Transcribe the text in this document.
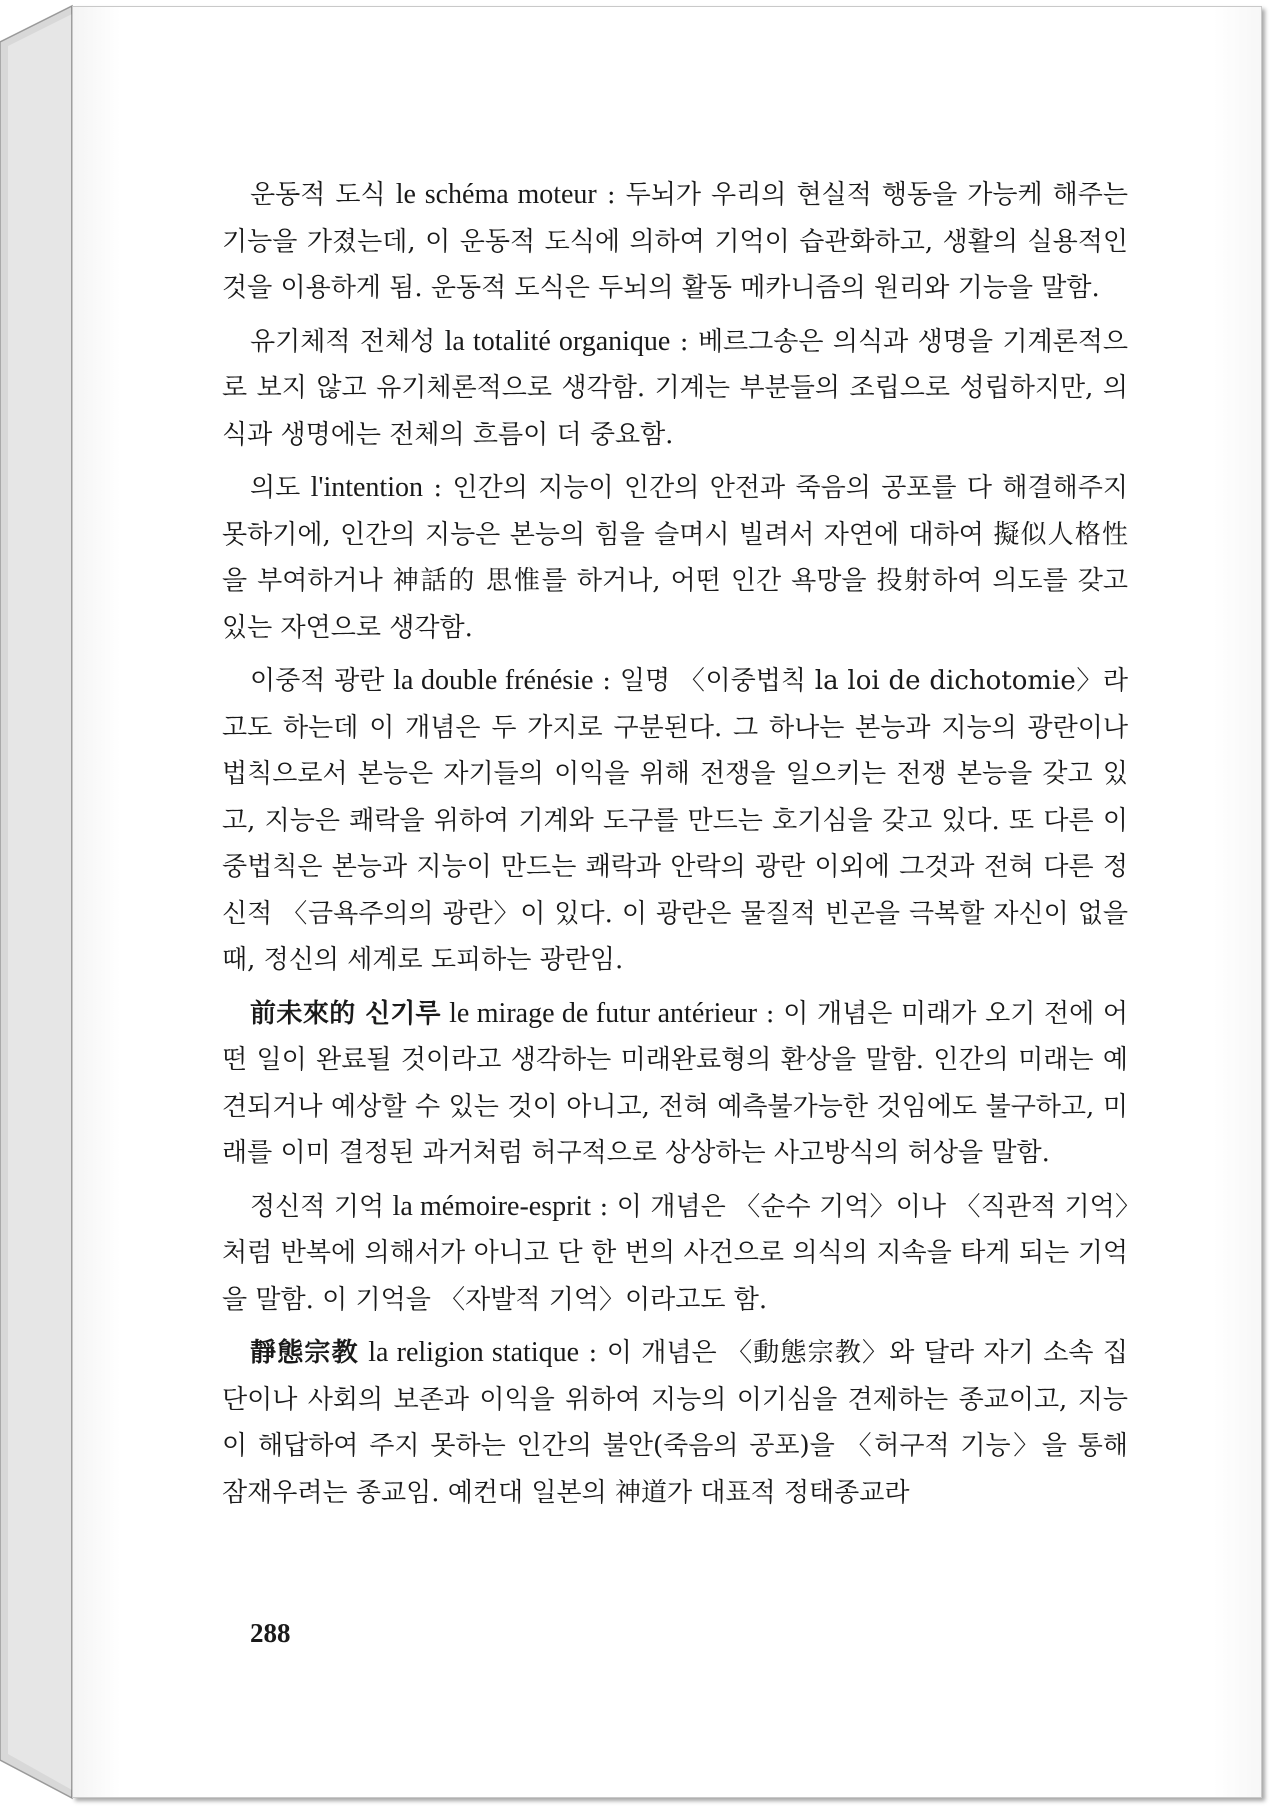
운동적 도식 le schéma moteur : 두뇌가 우리의 현실적 행동을 가능케 해주는 기능을 가졌는데, 이 운동적 도식에 의하여 기억이 습관화하고, 생활의 실용적인 것을 이용하게 됨. 운동적 도식은 두뇌의 활동 메카니즘의 원리와 기능을 말함.

유기체적 전체성 la totalité organique : 베르그송은 의식과 생명을 기계론적으로 보지 않고 유기체론적으로 생각함. 기계는 부분들의 조립으로 성립하지만, 의식과 생명에는 전체의 흐름이 더 중요함.

의도 l'intention : 인간의 지능이 인간의 안전과 죽음의 공포를 다 해결해주지 못하기에, 인간의 지능은 본능의 힘을 슬며시 빌려서 자연에 대하여 擬似人格性을 부여하거나 神話的 思惟를 하거나, 어떤 인간 욕망을 投射하여 의도를 갖고 있는 자연으로 생각함.

이중적 광란 la double frénésie : 일명 〈이중법칙 la loi de dichotomie〉라고도 하는데 이 개념은 두 가지로 구분된다. 그 하나는 본능과 지능의 광란이나 법칙으로서 본능은 자기들의 이익을 위해 전쟁을 일으키는 전쟁 본능을 갖고 있고, 지능은 쾌락을 위하여 기계와 도구를 만드는 호기심을 갖고 있다. 또 다른 이중법칙은 본능과 지능이 만드는 쾌락과 안락의 광란 이외에 그것과 전혀 다른 정신적 〈금욕주의의 광란〉이 있다. 이 광란은 물질적 빈곤을 극복할 자신이 없을 때, 정신의 세계로 도피하는 광란임.

前未來的 신기루 le mirage de futur antérieur : 이 개념은 미래가 오기 전에 어떤 일이 완료될 것이라고 생각하는 미래완료형의 환상을 말함. 인간의 미래는 예견되거나 예상할 수 있는 것이 아니고, 전혀 예측불가능한 것임에도 불구하고, 미래를 이미 결정된 과거처럼 허구적으로 상상하는 사고방식의 허상을 말함.

정신적 기억 la mémoire-esprit : 이 개념은 〈순수 기억〉이나 〈직관적 기억〉처럼 반복에 의해서가 아니고 단 한 번의 사건으로 의식의 지속을 타게 되는 기억을 말함. 이 기억을 〈자발적 기억〉이라고도 함.

靜態宗教 la religion statique : 이 개념은 〈動態宗教〉와 달라 자기 소속 집단이나 사회의 보존과 이익을 위하여 지능의 이기심을 견제하는 종교이고, 지능이 해답하여 주지 못하는 인간의 불안(죽음의 공포)을 〈허구적 기능〉을 통해 잠재우려는 종교임. 예컨대 일본의 神道가 대표적 정태종교라

288
